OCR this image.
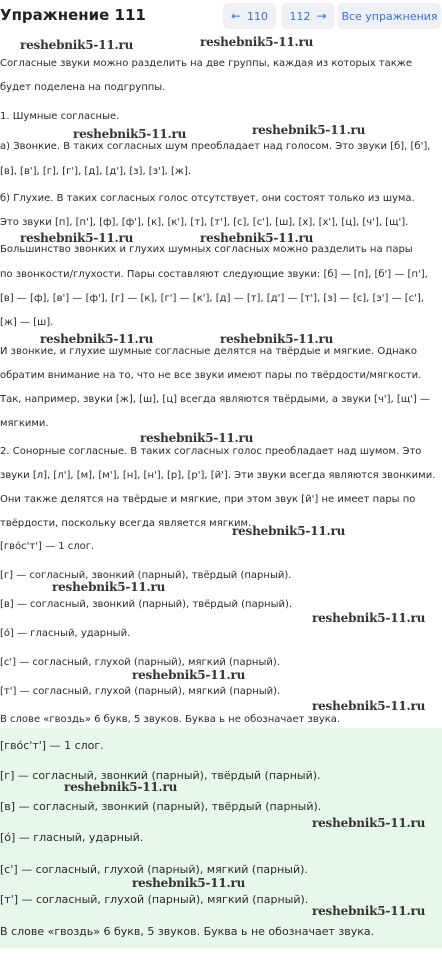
Упражнение 111	← 110 112 →	Все упражнения
Согласные звуки можно разделить на две группы, каждая из которых также
будет поделена на подгруппы.
1. Шумные согласные.
а) Звонкие. В таких согласных шум преобладает над голосом. Это звуки [б], [б'],
[в], [в'], [г], [г'], [д], [д'], [з], [з'], [ж].
б) Глухие. В таких согласных голос отсутствует, они состоят только из шума.
Это звуки [п], [п'], [ф], [ф'], [к], [к'], [т], [т'], [с], [с'], [ш], [х], [х'], [ц], [ч'], [щ'].
Большинство звонких и глухих шумных согласных можно разделить на пары
по звонкости/глухости. Пары составляют следующие звуки: [б] — [п], [б'] — [п'],
[в] — [ф], [в'] — [ф'], [г] — [к], [г'] — [к'], [д] — [т], [д'] — [т'], [з] — [с], [з'] — [с'],
[ж] — [ш].
И звонкие, и глухие шумные согласные делятся на твёрдые и мягкие. Однако
обратим внимание на то, что не все звуки имеют пары по твёрдости/мягкости.
Так, например, звуки [ж], [ш], [ц] всегда являются твёрдыми, а звуки [ч'], [щ'] —
мягкими.
2. Сонорные согласные. В таких согласных голос преобладает над шумом. Это
звуки [л], [л'], [м], [м'], [н], [н'], [р], [р'], [й']. Эти звуки всегда являются звонкими.
Они также делятся на твёрдые и мягкие, при этом звук [й'] не имеет пары по
твёрдости, поскольку всегда является мягким.
[гво́с'т'] — 1 слог.
[г] — согласный, звонкий (парный), твёрдый (парный).
[в] — согласный, звонкий (парный), твёрдый (парный).
[о́] — гласный, ударный.
[с'] — согласный, глухой (парный), мягкий (парный).
[т'] — согласный, глухой (парный), мягкий (парный).
В слове «гвоздь» 6 букв, 5 звуков. Буква ь не обозначает звука.
[гво́с'т'] — 1 слог.
[г] — согласный, звонкий (парный), твёрдый (парный).
[в] — согласный, звонкий (парный), твёрдый (парный).
[о́] — гласный, ударный.
[с'] — согласный, глухой (парный), мягкий (парный).
[т'] — согласный, глухой (парный), мягкий (парный).
В слове «гвоздь» 6 букв, 5 звуков. Буква ь не обозначает звука.
reshebnik5-11.ru	reshebnik5-11.ru
reshebnik5-11.ru	reshebnik5-11.ru
reshebnik5-11.ru	reshebnik5-11.ru
reshebnik5-11.ru	reshebnik5-11.ru
reshebnik5-11.ru
reshebnik5-11.ru
reshebnik5-11.ru
reshebnik5-11.ru
reshebnik5-11.ru
reshebnik5-11.ru
reshebnik5-11.ru
reshebnik5-11.ru
reshebnik5-11.ru
reshebnik5-11.ru
